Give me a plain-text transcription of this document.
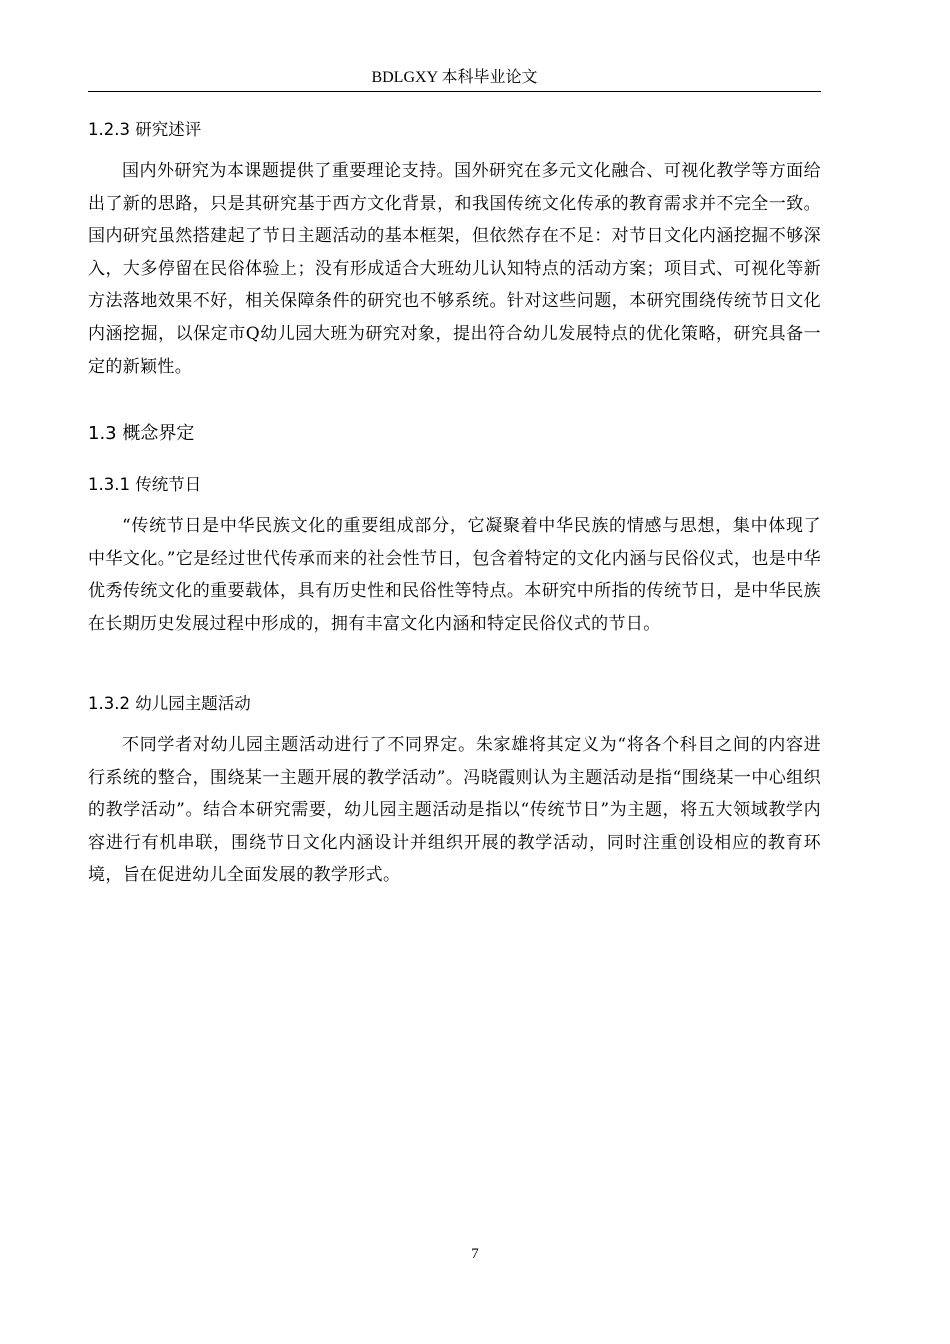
BDLGXY 本科毕业论文
1.2.3 研究述评
国内外研究为本课题提供了重要理论支持。国外研究在多元文化融合、可视化教学等方面给出了新的思路，只是其研究基于西方文化背景，和我国传统文化传承的教育需求并不完全一致。国内研究虽然搭建起了节日主题活动的基本框架，但依然存在不足：对节日文化内涵挖掘不够深入，大多停留在民俗体验上；没有形成适合大班幼儿认知特点的活动方案；项目式、可视化等新方法落地效果不好，相关保障条件的研究也不够系统。针对这些问题，本研究围绕传统节日文化内涵挖掘，以保定市Q幼儿园大班为研究对象，提出符合幼儿发展特点的优化策略，研究具备一定的新颖性。
1.3 概念界定
1.3.1 传统节日
“传统节日是中华民族文化的重要组成部分，它凝聚着中华民族的情感与思想，集中体现了中华文化。”它是经过世代传承而来的社会性节日，包含着特定的文化内涵与民俗仪式，也是中华优秀传统文化的重要载体，具有历史性和民俗性等特点。本研究中所指的传统节日，是中华民族在长期历史发展过程中形成的，拥有丰富文化内涵和特定民俗仪式的节日。
1.3.2 幼儿园主题活动
不同学者对幼儿园主题活动进行了不同界定。朱家雄将其定义为“将各个科目之间的内容进行系统的整合，围绕某一主题开展的教学活动”。冯晓霞则认为主题活动是指“围绕某一中心组织的教学活动”。结合本研究需要，幼儿园主题活动是指以“传统节日”为主题，将五大领域教学内容进行有机串联，围绕节日文化内涵设计并组织开展的教学活动，同时注重创设相应的教育环境，旨在促进幼儿全面发展的教学形式。
7
